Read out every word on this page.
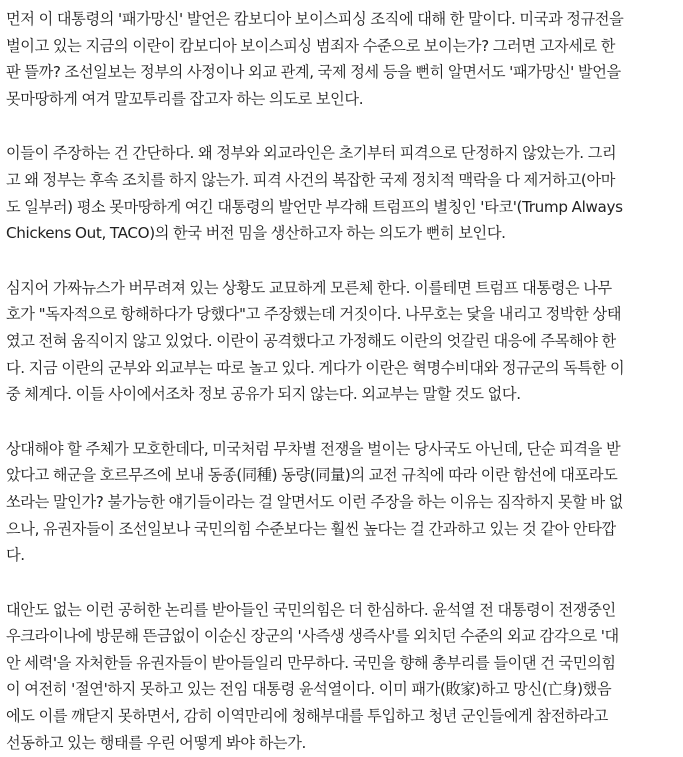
먼저 이 대통령의 '패가망신' 발언은 캄보디아 보이스피싱 조직에 대해 한 말이다. 미국과 정규전을
벌이고 있는 지금의 이란이 캄보디아 보이스피싱 범죄자 수준으로 보이는가? 그러면 고자세로 한
판 뜰까? 조선일보는 정부의 사정이나 외교 관계, 국제 정세 등을 뻔히 알면서도 '패가망신' 발언을
못마땅하게 여겨 말꼬투리를 잡고자 하는 의도로 보인다.
이들이 주장하는 건 간단하다. 왜 정부와 외교라인은 초기부터 피격으로 단정하지 않았는가. 그리
고 왜 정부는 후속 조치를 하지 않는가. 피격 사건의 복잡한 국제 정치적 맥락을 다 제거하고(아마
도 일부러) 평소 못마땅하게 여긴 대통령의 발언만 부각해 트럼프의 별칭인 '타코'(Trump Always
Chickens Out, TACO)의 한국 버전 밈을 생산하고자 하는 의도가 뻔히 보인다.
심지어 가짜뉴스가 버무려져 있는 상황도 교묘하게 모른체 한다. 이를테면 트럼프 대통령은 나무
호가 "독자적으로 항해하다가 당했다"고 주장했는데 거짓이다. 나무호는 닻을 내리고 정박한 상태
였고 전혀 움직이지 않고 있었다. 이란이 공격했다고 가정해도 이란의 엇갈린 대응에 주목해야 한
다. 지금 이란의 군부와 외교부는 따로 놀고 있다. 게다가 이란은 혁명수비대와 정규군의 독특한 이
중 체계다. 이들 사이에서조차 정보 공유가 되지 않는다. 외교부는 말할 것도 없다.
상대해야 할 주체가 모호한데다, 미국처럼 무차별 전쟁을 벌이는 당사국도 아닌데, 단순 피격을 받
았다고 해군을 호르무즈에 보내 동종(同種) 동량(同量)의 교전 규칙에 따라 이란 함선에 대포라도
쏘라는 말인가? 불가능한 얘기들이라는 걸 알면서도 이런 주장을 하는 이유는 짐작하지 못할 바 없
으나, 유권자들이 조선일보나 국민의힘 수준보다는 훨씬 높다는 걸 간과하고 있는 것 같아 안타깝
다.
대안도 없는 이런 공허한 논리를 받아들인 국민의힘은 더 한심하다. 윤석열 전 대통령이 전쟁중인
우크라이나에 방문해 뜬금없이 이순신 장군의 '사즉생 생즉사'를 외치던 수준의 외교 감각으로 '대
안 세력'을 자처한들 유권자들이 받아들일리 만무하다. 국민을 향해 총부리를 들이댄 건 국민의힘
이 여전히 '절연'하지 못하고 있는 전임 대통령 윤석열이다. 이미 패가(敗家)하고 망신(亡身)했음
에도 이를 깨닫지 못하면서, 감히 이역만리에 청해부대를 투입하고 청년 군인들에게 참전하라고
선동하고 있는 행태를 우린 어떻게 봐야 하는가.
